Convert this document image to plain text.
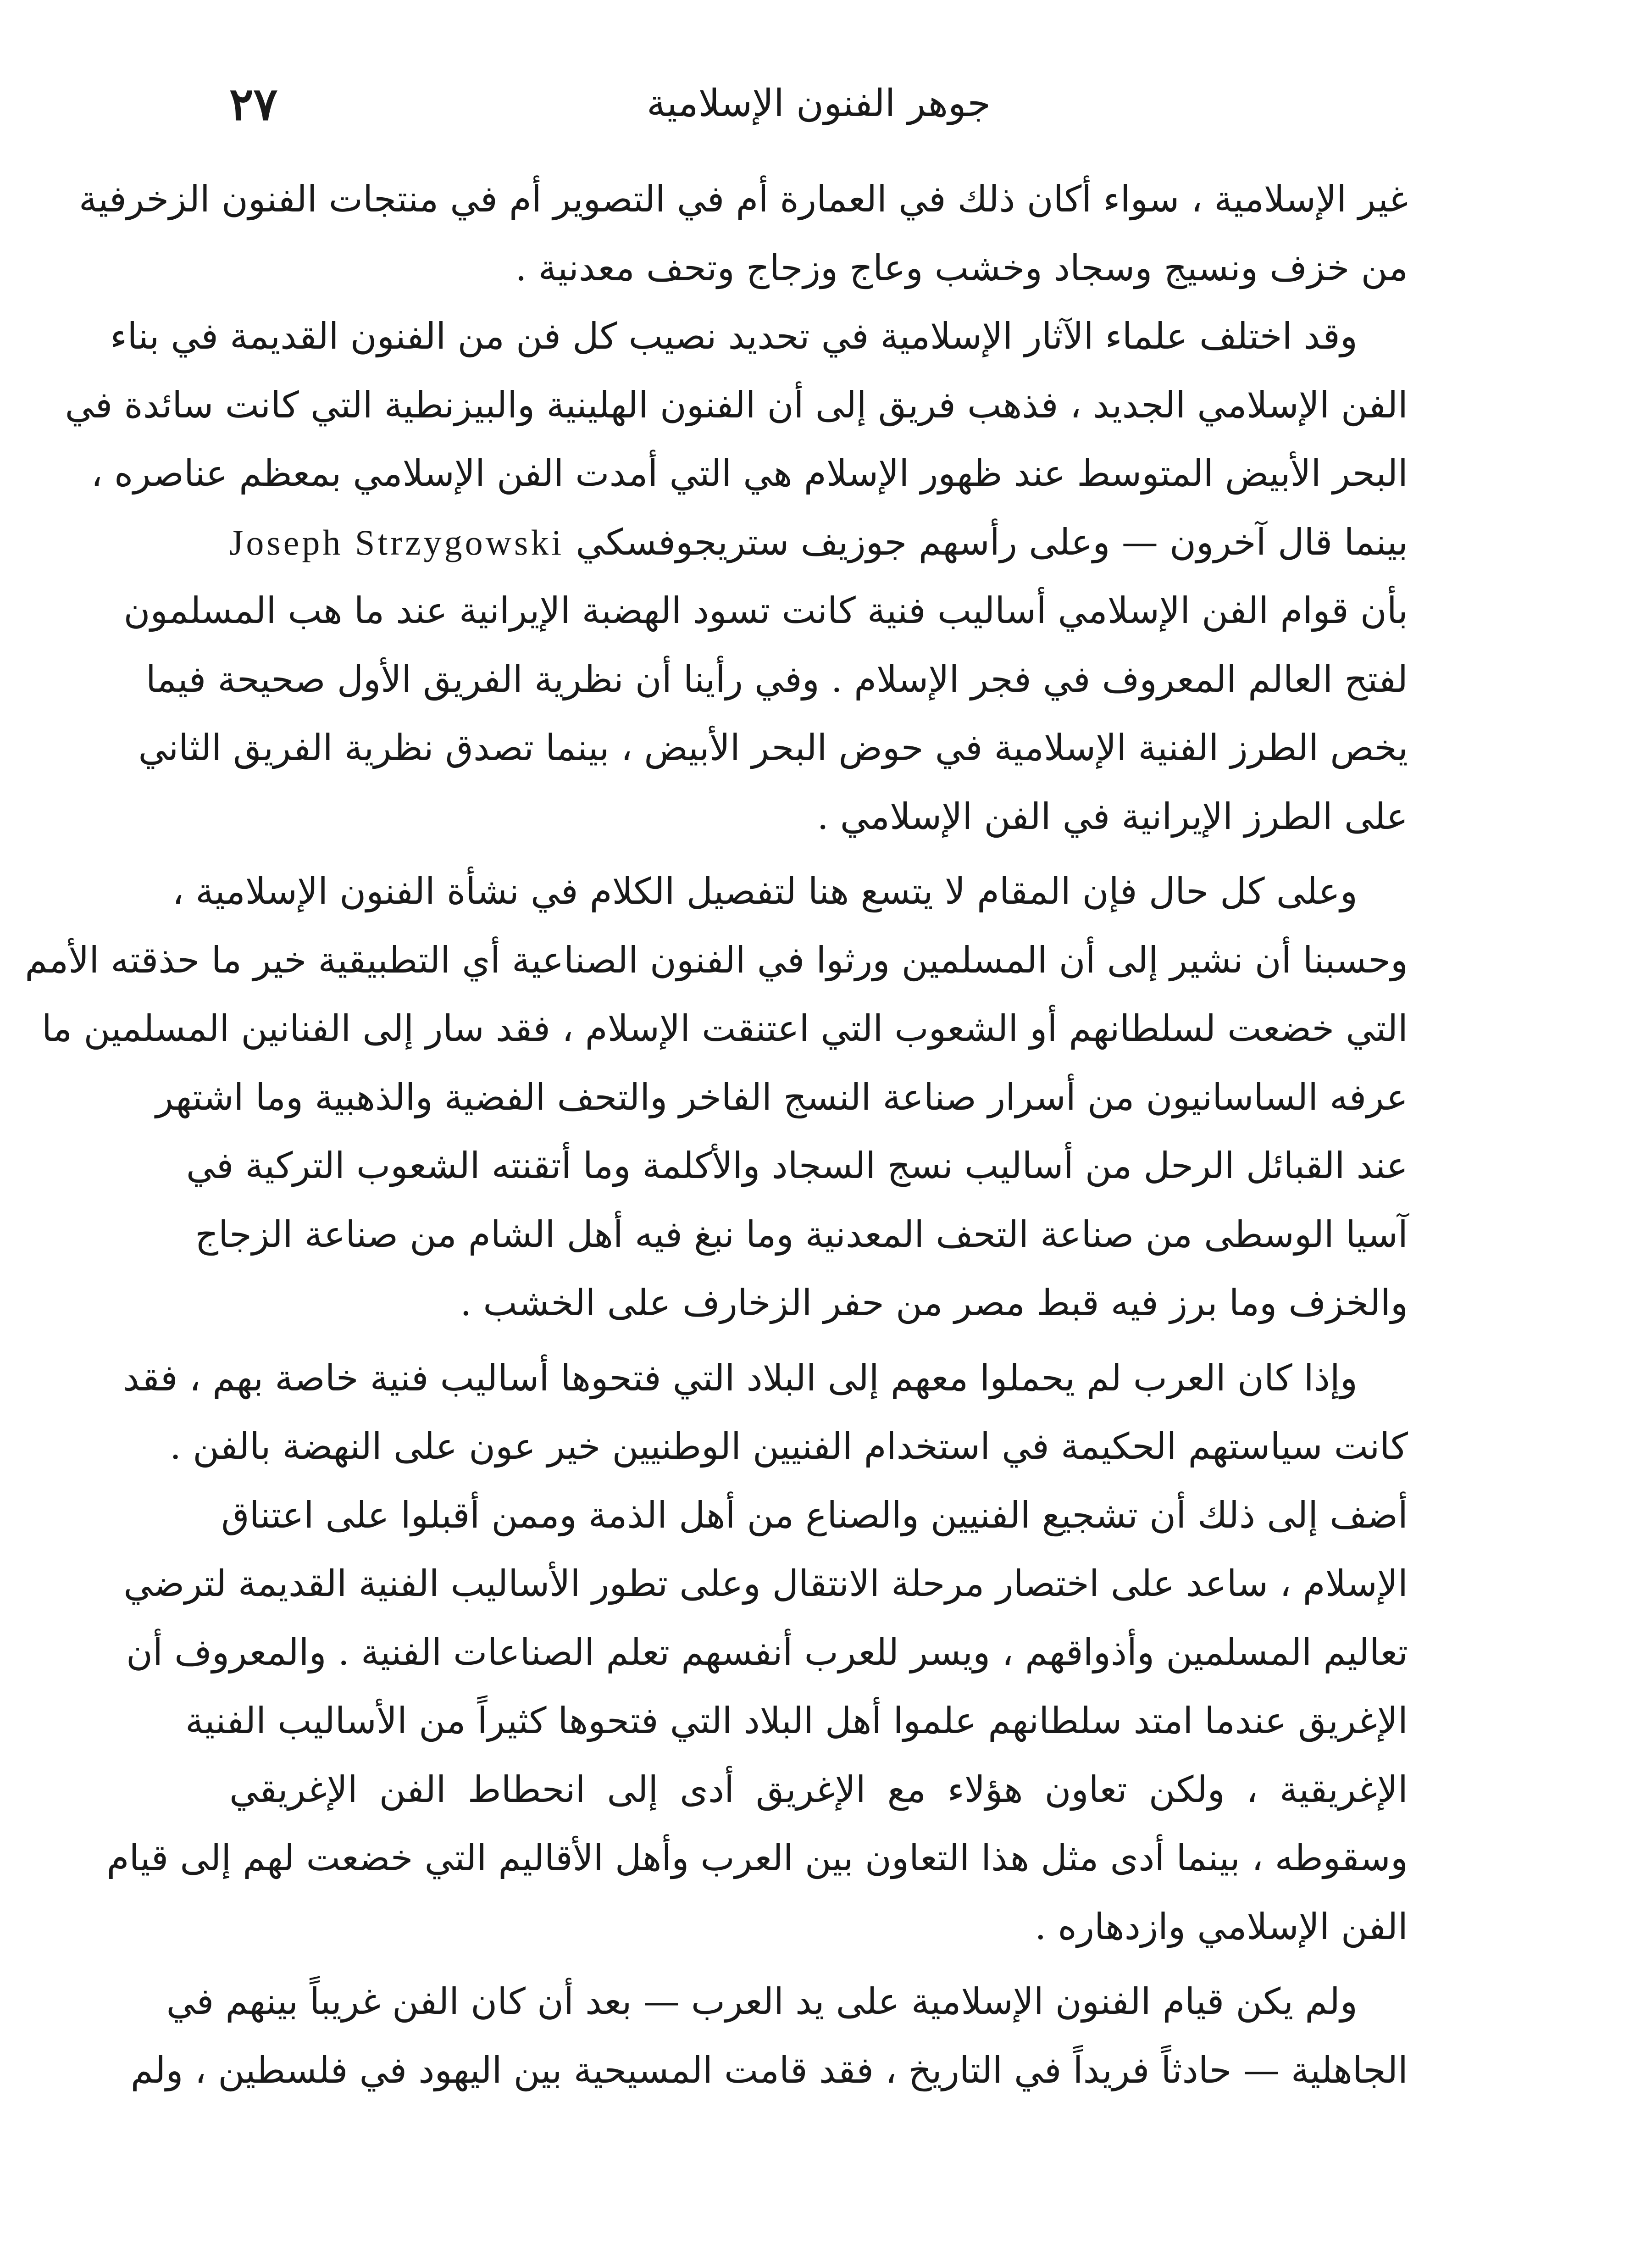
٢٧	جوهر الفنون الإسلامية
غير الإسلامية ، سواء أكان ذلك في العمارة أم في التصوير أم في منتجات الفنون الزخرفية
من خزف ونسيج وسجاد وخشب وعاج وزجاج وتحف معدنية .
وقد اختلف علماء الآثار الإسلامية في تحديد نصيب كل فن من الفنون القديمة في بناء
الفن الإسلامي الجديد ، فذهب فريق إلى أن الفنون الهلينية والبيزنطية التي كانت سائدة في
البحر الأبيض المتوسط عند ظهور الإسلام هي التي أمدت الفن الإسلامي بمعظم عناصره ،
بينما قال آخرون — وعلى رأسهم جوزيف ستريجوفسكي Joseph Strzygowski
بأن قوام الفن الإسلامي أساليب فنية كانت تسود الهضبة الإيرانية عند ما هب المسلمون
لفتح العالم المعروف في فجر الإسلام . وفي رأينا أن نظرية الفريق الأول صحيحة فيما
يخص الطرز الفنية الإسلامية في حوض البحر الأبيض ، بينما تصدق نظرية الفريق الثاني
على الطرز الإيرانية في الفن الإسلامي .
وعلى كل حال فإن المقام لا يتسع هنا لتفصيل الكلام في نشأة الفنون الإسلامية ،
وحسبنا أن نشير إلى أن المسلمين ورثوا في الفنون الصناعية أي التطبيقية خير ما حذقته الأمم
التي خضعت لسلطانهم أو الشعوب التي اعتنقت الإسلام ، فقد سار إلى الفنانين المسلمين ما
عرفه الساسانيون من أسرار صناعة النسج الفاخر والتحف الفضية والذهبية وما اشتهر
عند القبائل الرحل من أساليب نسج السجاد والأكلمة وما أتقنته الشعوب التركية في
آسيا الوسطى من صناعة التحف المعدنية وما نبغ فيه أهل الشام من صناعة الزجاج
والخزف وما برز فيه قبط مصر من حفر الزخارف على الخشب .
وإذا كان العرب لم يحملوا معهم إلى البلاد التي فتحوها أساليب فنية خاصة بهم ، فقد
كانت سياستهم الحكيمة في استخدام الفنيين الوطنيين خير عون على النهضة بالفن .
أضف إلى ذلك أن تشجيع الفنيين والصناع من أهل الذمة وممن أقبلوا على اعتناق
الإسلام ، ساعد على اختصار مرحلة الانتقال وعلى تطور الأساليب الفنية القديمة لترضي
تعاليم المسلمين وأذواقهم ، ويسر للعرب أنفسهم تعلم الصناعات الفنية . والمعروف أن
الإغريق عندما امتد سلطانهم علموا أهل البلاد التي فتحوها كثيراً من الأساليب الفنية
الإغريقية ، ولكن تعاون هؤلاء مع الإغريق أدى إلى انحطاط الفن الإغريقي
وسقوطه ، بينما أدى مثل هذا التعاون بين العرب وأهل الأقاليم التي خضعت لهم إلى قيام
الفن الإسلامي وازدهاره .
ولم يكن قيام الفنون الإسلامية على يد العرب — بعد أن كان الفن غريباً بينهم في
الجاهلية — حادثاً فريداً في التاريخ ، فقد قامت المسيحية بين اليهود في فلسطين ، ولم
